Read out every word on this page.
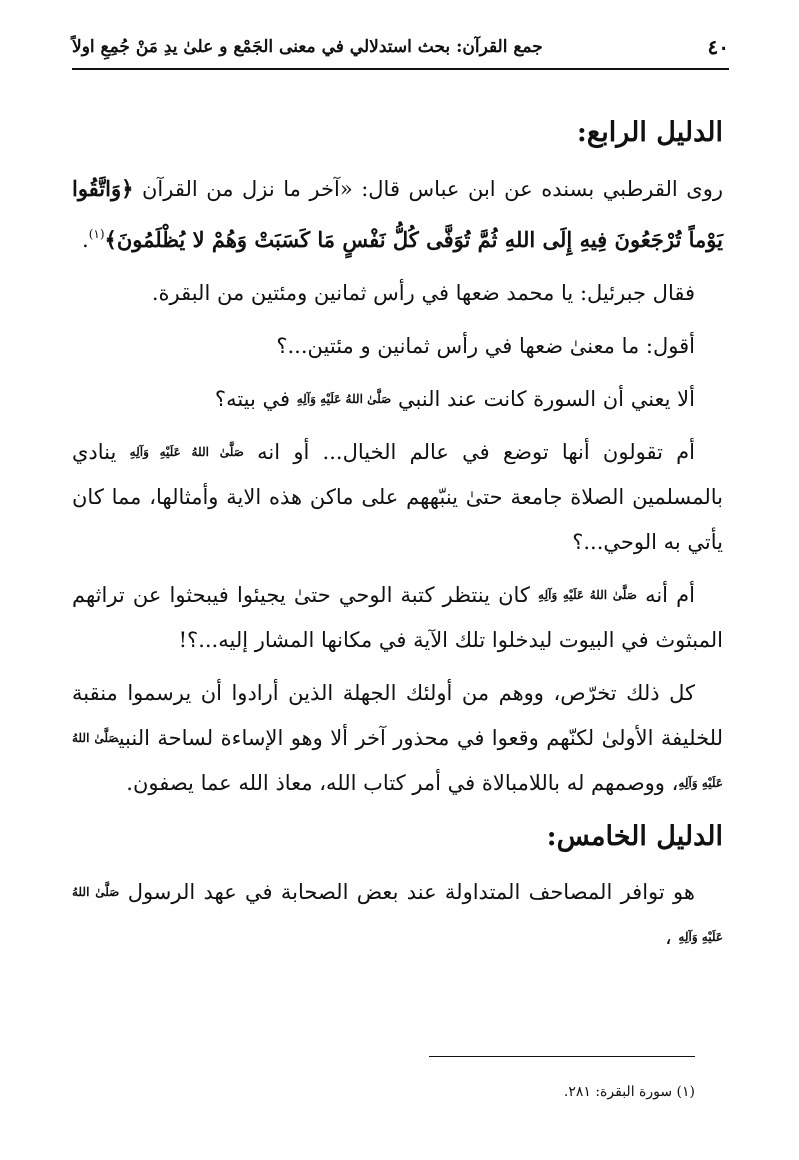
٤٠
جمع القرآن: بحث استدلالي في معنى الجَمْع و علىٰ يدِ مَنْ جُمِعِ اولاً
الدليل الرابع:

روى القرطبي بسنده عن ابن عباس قال: «آخر ما نزل من القرآن ﴿وَاتَّقُوا يَوْماً تُرْجَعُونَ فِيهِ إِلَى اللهِ ثُمَّ تُوَفَّى كُلُّ نَفْسٍ مَا كَسَبَتْ وَهُمْ لا يُظْلَمُونَ﴾$^{(١)}$.

فقال جبرئيل: يا محمد ضعها في رأس ثمانين ومئتين من البقرة.

أقول: ما معنىٰ ضعها في رأس ثمانين و مئتين...؟

ألا يعني أن السورة كانت عند النبي صَلَّىٰ اللهُ عَلَيْهِ وَآلِهِ في بيته؟

أم تقولون أنها توضع في عالم الخيال... أو انه صَلَّىٰ اللهُ عَلَيْهِ وَآلِهِ ينادي بالمسلمين الصلاة جامعة حتىٰ ينبّههم على ماكن هذه الاية وأمثالها، مما كان يأتي به الوحي...؟

أم أنه صَلَّىٰ اللهُ عَلَيْهِ وَآلِهِ كان ينتظر كتبة الوحي حتىٰ يجيئوا فيبحثوا عن تراثهم المبثوث في البيوت ليدخلوا تلك الآية في مكانها المشار إليه...؟!

كل ذلك تخرّص، ووهم من أولئك الجهلة الذين أرادوا أن يرسموا منقبة للخليفة الأولىٰ لكنّهم وقعوا في محذور آخر ألا وهو الإساءة لساحة النبيصَلَّىٰ اللهُ عَلَيْهِ وَآلِهِ، ووصمهم له باللامبالاة في أمر كتاب الله، معاذ الله عما يصفون.

الدليل الخامس:

هو توافر المصاحف المتداولة عند بعض الصحابة في عهد الرسول صَلَّىٰ اللهُ عَلَيْهِ وَآلِهِ ،

(١) سورة البقرة: ٢٨١.
